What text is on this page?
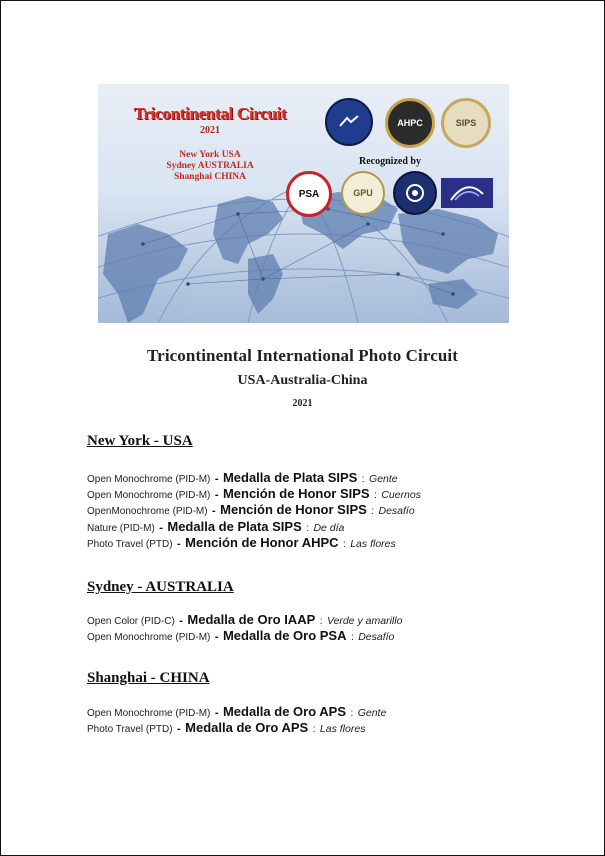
Tricontinental Circuit
2021
New York USA
Sydney AUSTRALIA
Shanghai CHINA
AHPC	SIPS
Recognized by
PSA	GPU
Tricontinental International Photo Circuit
USA-Australia-China
2021
New York - USA
Open Monochrome (PID-M) - Medalla de Plata SIPS : Gente
Open Monochrome (PID-M) - Mención de Honor SIPS : Cuernos
OpenMonochrome (PID-M) - Mención de Honor SIPS : Desafío
Nature (PID-M) - Medalla de Plata SIPS : De día
Photo Travel (PTD) - Mención de Honor AHPC : Las flores
Sydney - AUSTRALIA
Open Color (PID-C) - Medalla de Oro IAAP : Verde y amarillo
Open Monochrome (PID-M) - Medalla de Oro PSA : Desafío
Shanghai - CHINA
Open Monochrome (PID-M) - Medalla de Oro APS : Gente
Photo Travel (PTD) - Medalla de Oro APS : Las flores
